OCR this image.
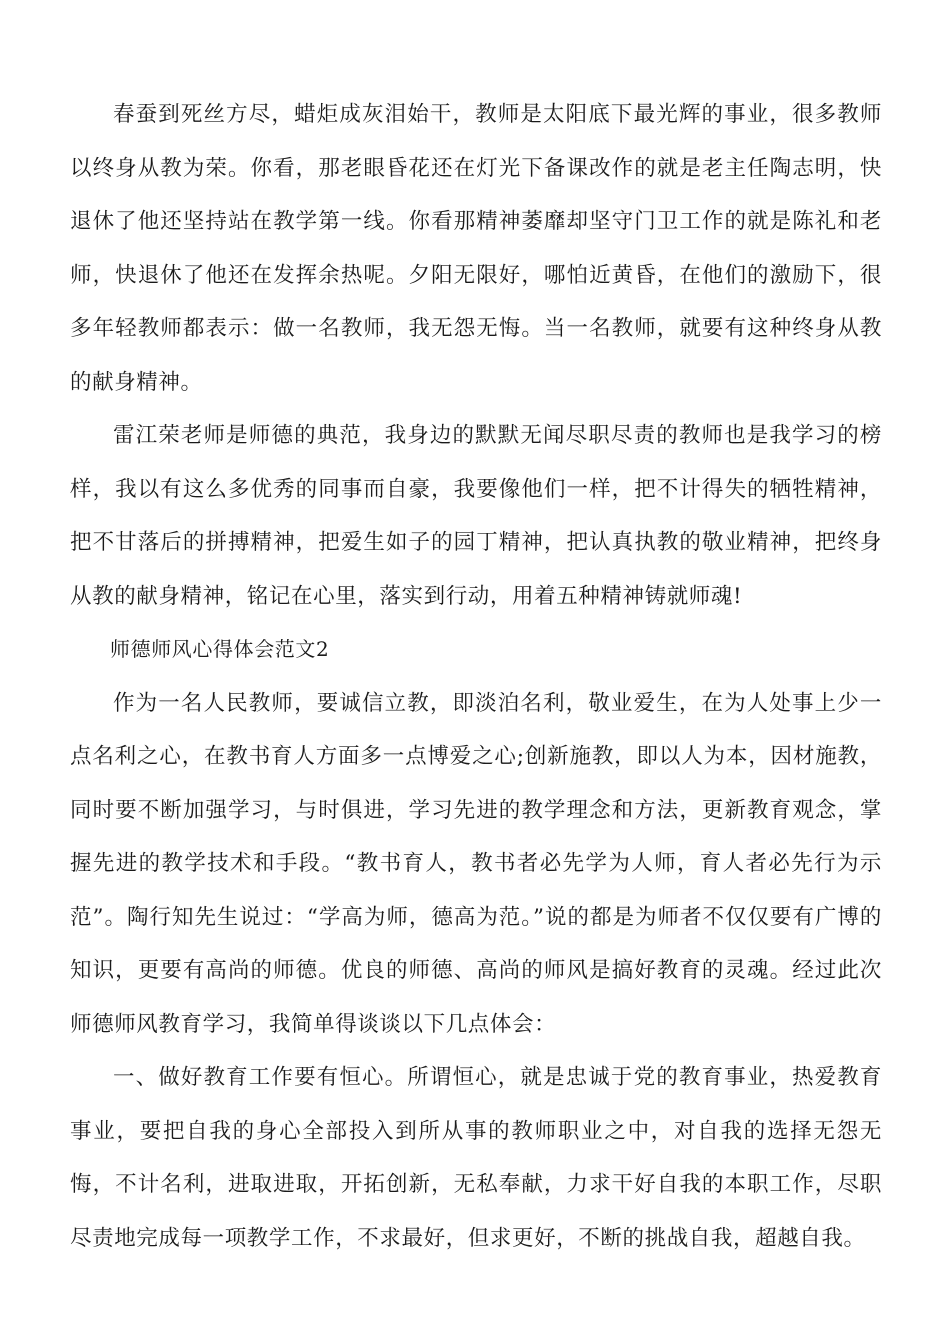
春蚕到死丝方尽，蜡炬成灰泪始干，教师是太阳底下最光辉的事业，很多教师以终身从教为荣。你看，那老眼昏花还在灯光下备课改作的就是老主任陶志明，快退休了他还坚持站在教学第一线。你看那精神萎靡却坚守门卫工作的就是陈礼和老师，快退休了他还在发挥余热呢。夕阳无限好，哪怕近黄昏，在他们的激励下，很多年轻教师都表示：做一名教师，我无怨无悔。当一名教师，就要有这种终身从教的献身精神。

雷江荣老师是师德的典范，我身边的默默无闻尽职尽责的教师也是我学习的榜样，我以有这么多优秀的同事而自豪，我要像他们一样，把不计得失的牺牲精神，把不甘落后的拼搏精神，把爱生如子的园丁精神，把认真执教的敬业精神，把终身从教的献身精神，铭记在心里，落实到行动，用着五种精神铸就师魂!

师德师风心得体会范文2

作为一名人民教师，要诚信立教，即淡泊名利，敬业爱生，在为人处事上少一点名利之心，在教书育人方面多一点博爱之心;创新施教，即以人为本，因材施教，同时要不断加强学习，与时俱进，学习先进的教学理念和方法，更新教育观念，掌握先进的教学技术和手段。“教书育人，教书者必先学为人师，育人者必先行为示范”。陶行知先生说过：“学高为师，德高为范。”说的都是为师者不仅仅要有广博的知识，更要有高尚的师德。优良的师德、高尚的师风是搞好教育的灵魂。经过此次师德师风教育学习，我简单得谈谈以下几点体会：

一、做好教育工作要有恒心。所谓恒心，就是忠诚于党的教育事业，热爱教育事业，要把自我的身心全部投入到所从事的教师职业之中，对自我的选择无怨无悔，不计名利，进取进取，开拓创新，无私奉献，力求干好自我的本职工作，尽职尽责地完成每一项教学工作，不求最好，但求更好，不断的挑战自我，超越自我。
